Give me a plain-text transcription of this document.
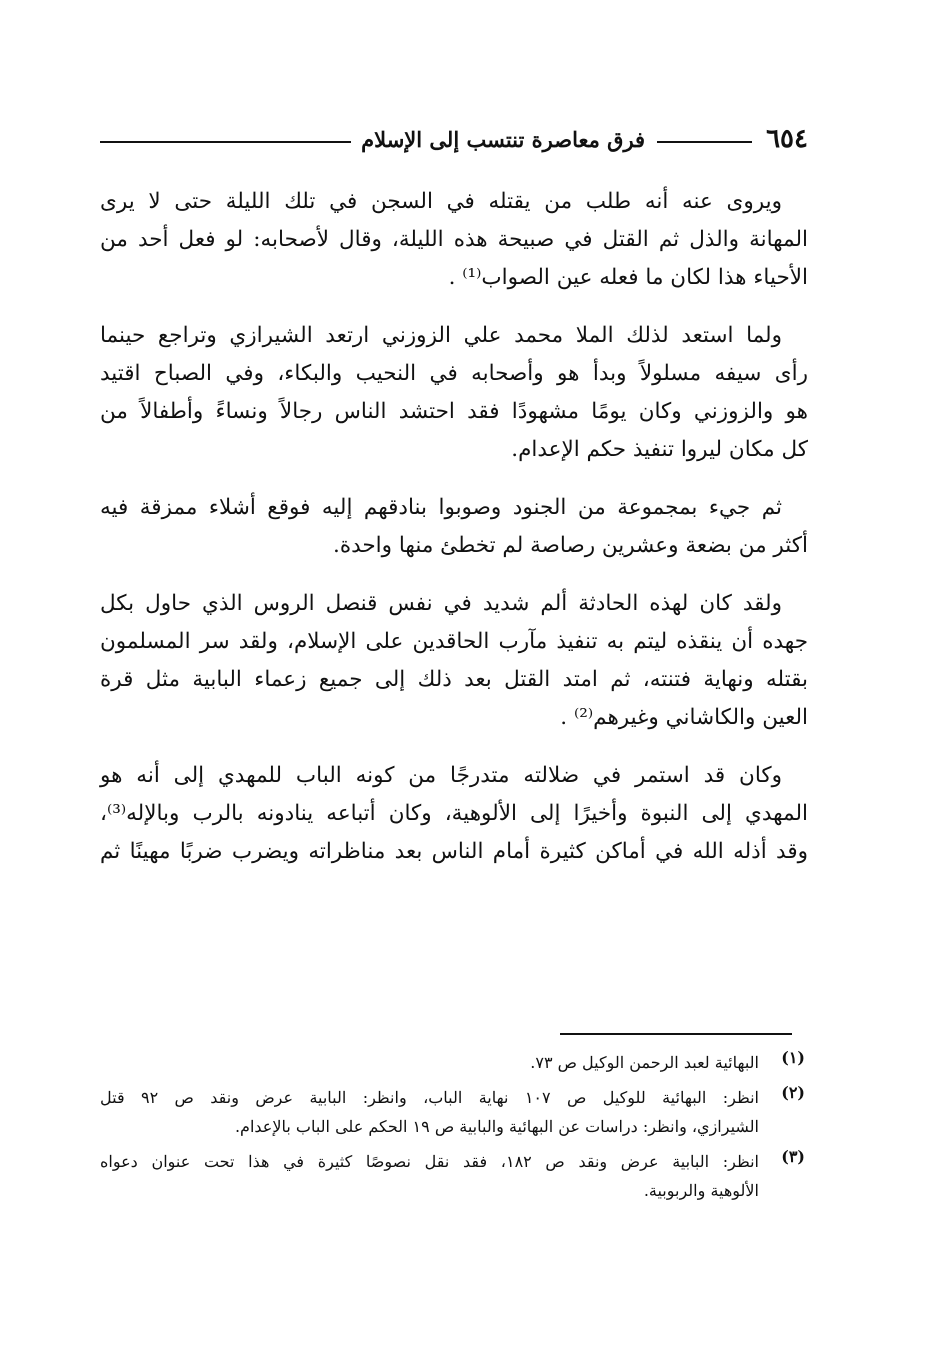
٦٥٤
فرق معاصرة تنتسب إلى الإسلام

ويروى عنه أنه طلب من يقتله في السجن في تلك الليلة حتى لا يرى
المهانة والذل ثم القتل في صبيحة هذه الليلة، وقال لأصحابه: لو فعل أحد من
الأحياء هذا لكان ما فعله عين الصواب⁽¹⁾ .

ولما استعد لذلك الملا محمد علي الزوزني ارتعد الشيرازي وتراجع حينما
رأى سيفه مسلولاً وبدأ هو وأصحابه في النحيب والبكاء، وفي الصباح اقتيد
هو والزوزني وكان يومًا مشهودًا فقد احتشد الناس رجالاً ونساءً وأطفالاً من
كل مكان ليروا تنفيذ حكم الإعدام.

ثم جيء بمجموعة من الجنود وصوبوا بنادقهم إليه فوقع أشلاء ممزقة فيه
أكثر من بضعة وعشرين رصاصة لم تخطئ منها واحدة.

ولقد كان لهذه الحادثة ألم شديد في نفس قنصل الروس الذي حاول بكل
جهده أن ينقذه ليتم به تنفيذ مآرب الحاقدين على الإسلام، ولقد سر المسلمون
بقتله ونهاية فتنته، ثم امتد القتل بعد ذلك إلى جميع زعماء البابية مثل قرة
العين والكاشاني وغيرهم⁽²⁾ .

وكان قد استمر في ضلالته متدرجًا من كونه الباب للمهدي إلى أنه هو
المهدي إلى النبوة وأخيرًا إلى الألوهية، وكان أتباعه ينادونه بالرب وبالإله⁽³⁾،
وقد أذله الله في أماكن كثيرة أمام الناس بعد مناظراته ويضرب ضربًا مهينًا ثم

(١)
البهائية لعبد الرحمن الوكيل ص ٧٣.
(٢)
انظر: البهائية للوكيل ص ١٠٧ نهاية الباب، وانظر: البابية عرض ونقد ص ٩٢ قتل
الشيرازي، وانظر: دراسات عن البهائية والبابية ص ١٩ الحكم على الباب بالإعدام.
(٣)
انظر: البابية عرض ونقد ص ١٨٢، فقد نقل نصوصًا كثيرة في هذا تحت عنوان دعواه
الألوهية والربوبية.
